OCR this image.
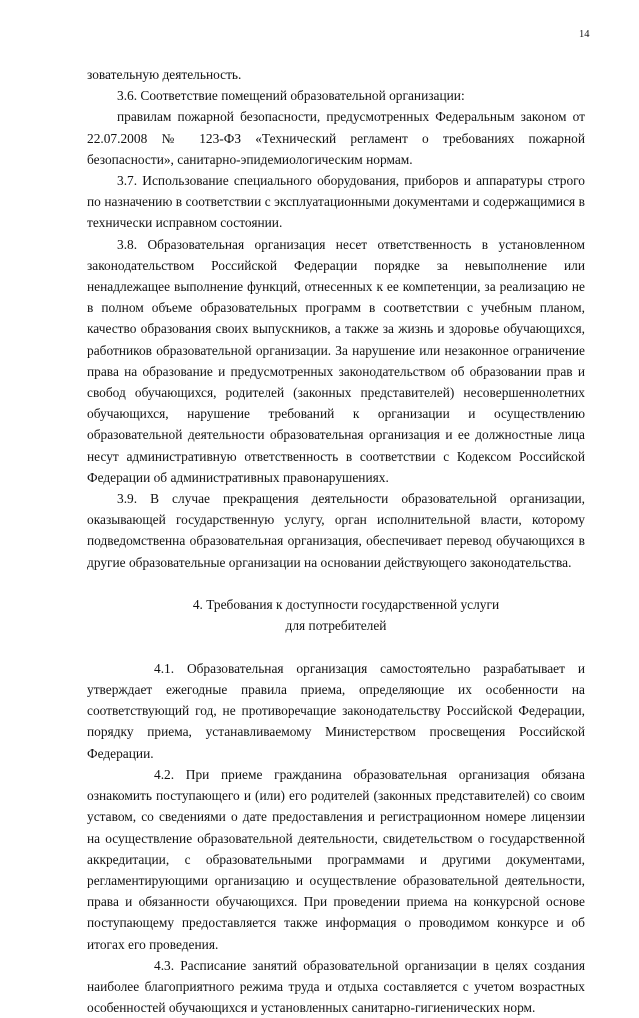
14

зовательную деятельность.

3.6. Соответствие помещений образовательной организации:

правилам пожарной безопасности, предусмотренных Федеральным законом от 22.07.2008 № 123-ФЗ «Технический регламент о требованиях пожарной безопасности», санитарно-эпидемиологическим нормам.

3.7. Использование специального оборудования, приборов и аппаратуры строго по назначению в соответствии с эксплуатационными документами и содержащимися в технически исправном состоянии.

3.8. Образовательная организация несет ответственность в установленном законодательством Российской Федерации порядке за невыполнение или ненадлежащее выполнение функций, отнесенных к ее компетенции, за реализацию не в полном объеме образовательных программ в соответствии с учебным планом, качество образования своих выпускников, а также за жизнь и здоровье обучающихся, работников образовательной организации. За нарушение или незаконное ограничение права на образование и предусмотренных законодательством об образовании прав и свобод обучающихся, родителей (законных представителей) несовершеннолетних обучающихся, нарушение требований к организации и осуществлению образовательной деятельности образовательная организация и ее должностные лица несут административную ответственность в соответствии с Кодексом Российской Федерации об административных правонарушениях.

3.9. В случае прекращения деятельности образовательной организации, оказывающей государственную услугу, орган исполнительной власти, которому подведомственна образовательная организация, обеспечивает перевод обучающихся в другие образовательные организации на основании действующего законодательства.

4. Требования к доступности государственной услуги
для потребителей

4.1. Образовательная организация самостоятельно разрабатывает и утверждает ежегодные правила приема, определяющие их особенности на соответствующий год, не противоречащие законодательству Российской Федерации, порядку приема, устанавливаемому Министерством просвещения Российской Федерации.

4.2. При приеме гражданина образовательная организация обязана ознакомить поступающего и (или) его родителей (законных представителей) со своим уставом, со сведениями о дате предоставления и регистрационном номере лицензии на осуществление образовательной деятельности, свидетельством о государственной аккредитации, с образовательными программами и другими документами, регламентирующими организацию и осуществление образовательной деятельности, права и обязанности обучающихся. При проведении приема на конкурсной основе поступающему предоставляется также информация о проводимом конкурсе и об итогах его проведения.

4.3. Расписание занятий образовательной организации в целях создания наиболее благоприятного режима труда и отдыха составляется с учетом возрастных особенностей обучающихся и установленных санитарно-гигиенических норм.
